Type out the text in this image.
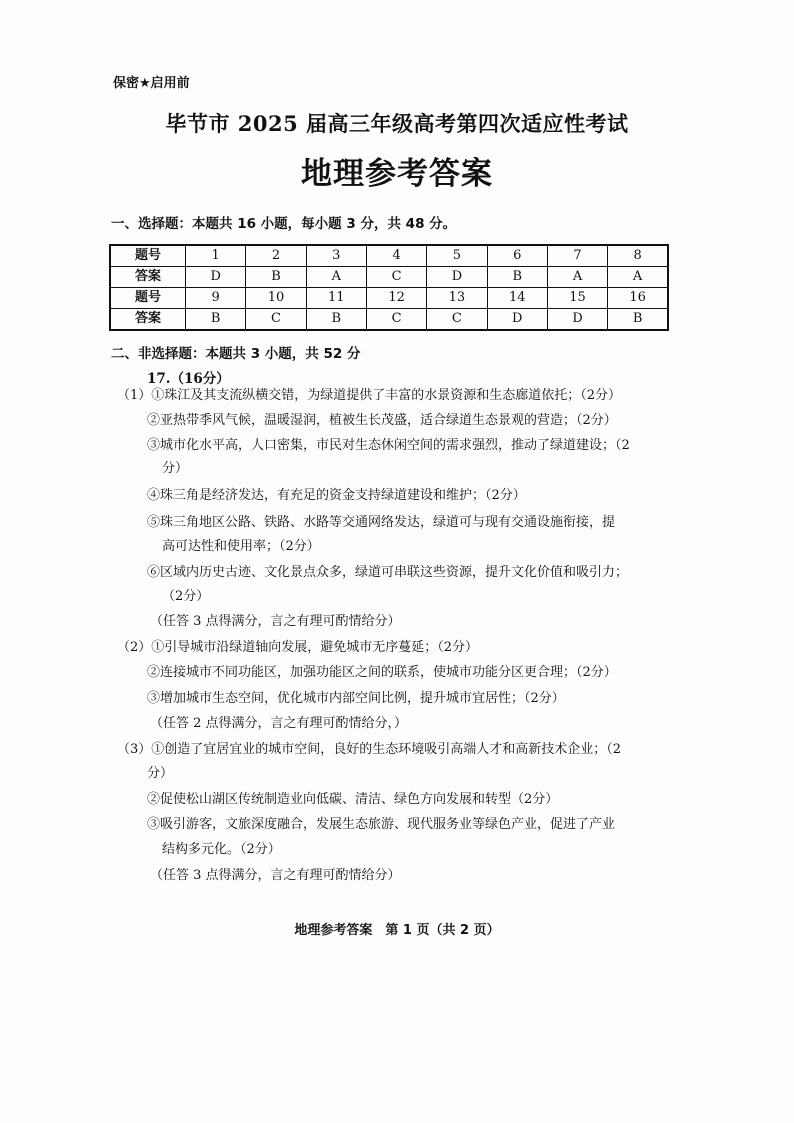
保密★启用前
毕节市 2025 届高三年级高考第四次适应性考试
地理参考答案
一、选择题：本题共 16 小题，每小题 3 分，共 48 分。
题号	1	2	3	4	5	6	7	8
答案	D	B	A	C	D	B	A	A
题号	9	10	11	12	13	14	15	16
答案	B	C	B	C	C	D	D	B
二、非选择题：本题共 3 小题，共 52 分
17.（16分）
（1）①珠江及其支流纵横交错，为绿道提供了丰富的水景资源和生态廊道依托；（2分）
②亚热带季风气候，温暖湿润，植被生长茂盛，适合绿道生态景观的营造；（2分）
③城市化水平高，人口密集，市民对生态休闲空间的需求强烈，推动了绿道建设；（2
分）
④珠三角是经济发达，有充足的资金支持绿道建设和维护；（2分）
⑤珠三角地区公路、铁路、水路等交通网络发达，绿道可与现有交通设施衔接，提
高可达性和使用率；（2分）
⑥区域内历史古迹、文化景点众多，绿道可串联这些资源，提升文化价值和吸引力；
（2分）
（任答 3 点得满分，言之有理可酌情给分）
（2）①引导城市沿绿道轴向发展，避免城市无序蔓延；（2分）
②连接城市不同功能区，加强功能区之间的联系，使城市功能分区更合理；（2分）
③增加城市生态空间，优化城市内部空间比例，提升城市宜居性；（2分）
（任答 2 点得满分，言之有理可酌情给分，）
（3）①创造了宜居宜业的城市空间，良好的生态环境吸引高端人才和高新技术企业；（2
分）
②促使松山湖区传统制造业向低碳、清洁、绿色方向发展和转型（2分）
③吸引游客，文旅深度融合，发展生态旅游、现代服务业等绿色产业，促进了产业
结构多元化。（2分）
（任答 3 点得满分，言之有理可酌情给分）
地理参考答案　第 1 页（共 2 页）
